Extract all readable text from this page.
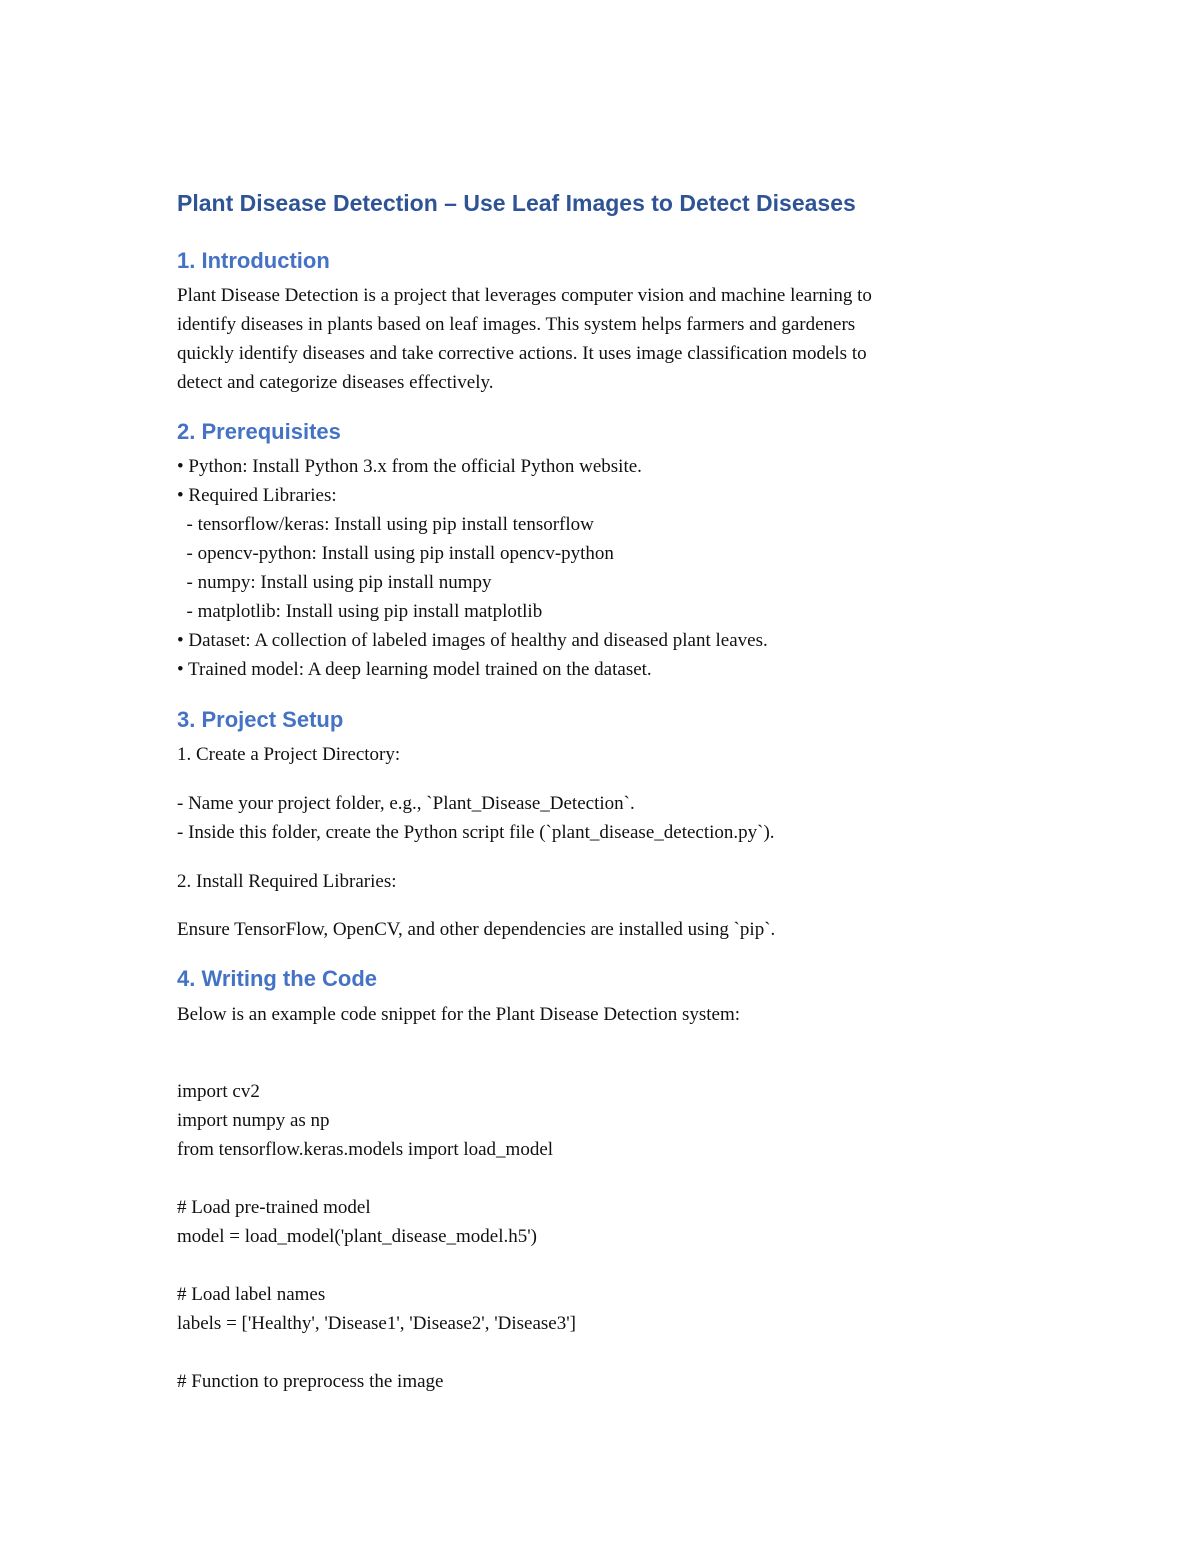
Plant Disease Detection – Use Leaf Images to Detect Diseases
1. Introduction
Plant Disease Detection is a project that leverages computer vision and machine learning to
identify diseases in plants based on leaf images. This system helps farmers and gardeners
quickly identify diseases and take corrective actions. It uses image classification models to
detect and categorize diseases effectively.
2. Prerequisites
• Python: Install Python 3.x from the official Python website.
• Required Libraries:
- tensorflow/keras: Install using pip install tensorflow
- opencv-python: Install using pip install opencv-python
- numpy: Install using pip install numpy
- matplotlib: Install using pip install matplotlib
• Dataset: A collection of labeled images of healthy and diseased plant leaves.
• Trained model: A deep learning model trained on the dataset.
3. Project Setup
1. Create a Project Directory:
- Name your project folder, e.g., `Plant_Disease_Detection`.
- Inside this folder, create the Python script file (`plant_disease_detection.py`).
2. Install Required Libraries:
Ensure TensorFlow, OpenCV, and other dependencies are installed using `pip`.
4. Writing the Code
Below is an example code snippet for the Plant Disease Detection system:
import cv2
import numpy as np
from tensorflow.keras.models import load_model
# Load pre-trained model
model = load_model('plant_disease_model.h5')
# Load label names
labels = ['Healthy', 'Disease1', 'Disease2', 'Disease3']
# Function to preprocess the image
